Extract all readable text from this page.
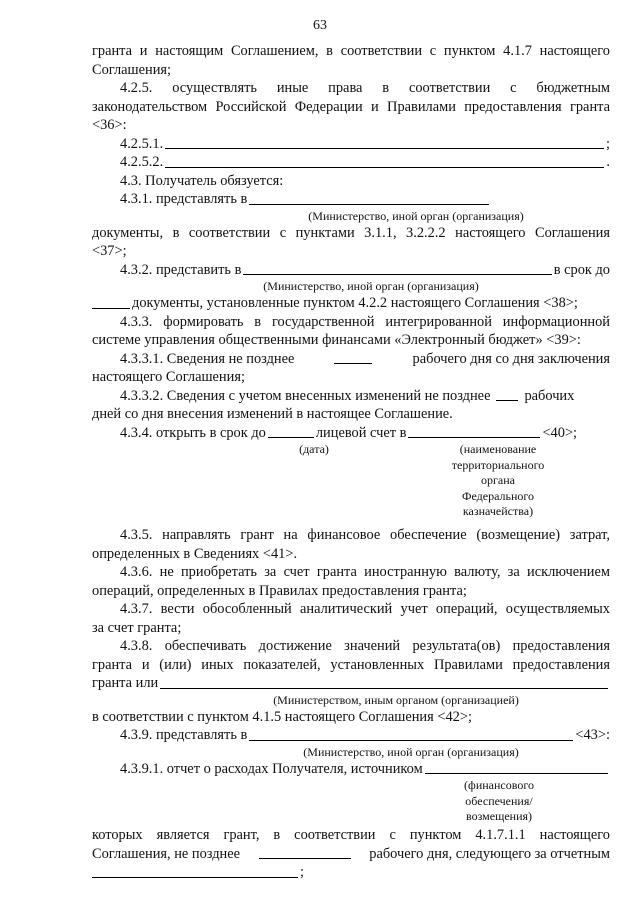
63
гранта и настоящим Соглашением, в соответствии с пунктом 4.1.7 настоящего
Соглашения;
4.2.5. осуществлять иные права в соответствии с бюджетным
законодательством Российской Федерации и Правилами предоставления гранта
<36>:
4.2.5.1.	;
4.2.5.2.	.
4.3. Получатель обязуется:
4.3.1. представлять в
(Министерство, иной орган (организация)
документы, в соответствии с пунктами 3.1.1, 3.2.2.2 настоящего Соглашения
<37>;
4.3.2. представить в	в срок до
(Министерство, иной орган (организация)
документы, установленные пунктом 4.2.2 настоящего Соглашения <38>;
4.3.3. формировать в государственной интегрированной информационной
системе управления общественными финансами «Электронный бюджет» <39>:
4.3.3.1. Сведения не позднее	рабочего дня со дня заключения
настоящего Соглашения;
4.3.3.2. Сведения с учетом внесенных изменений не позднее рабочих
дней со дня внесения изменений в настоящее Соглашение.
4.3.4. открыть в срок до	лицевой счет в	<40>;
(дата)	(наименование
территориального
органа
Федерального
казначейства)
4.3.5. направлять грант на финансовое обеспечение (возмещение) затрат,
определенных в Сведениях <41>.
4.3.6. не приобретать за счет гранта иностранную валюту, за исключением
операций, определенных в Правилах предоставления гранта;
4.3.7. вести обособленный аналитический учет операций, осуществляемых
за счет гранта;
4.3.8. обеспечивать достижение значений результата(ов) предоставления
гранта и (или) иных показателей, установленных Правилами предоставления
гранта или
(Министерством, иным органом (организацией)
в соответствии с пунктом 4.1.5 настоящего Соглашения <42>;
4.3.9. представлять в	<43>:
(Министерство, иной орган (организация)
4.3.9.1. отчет о расходах Получателя, источником
(финансового
обеспечения/
возмещения)
которых является грант, в соответствии с пунктом 4.1.7.1.1 настоящего
Соглашения, не позднее	рабочего дня, следующего за отчетным
;
